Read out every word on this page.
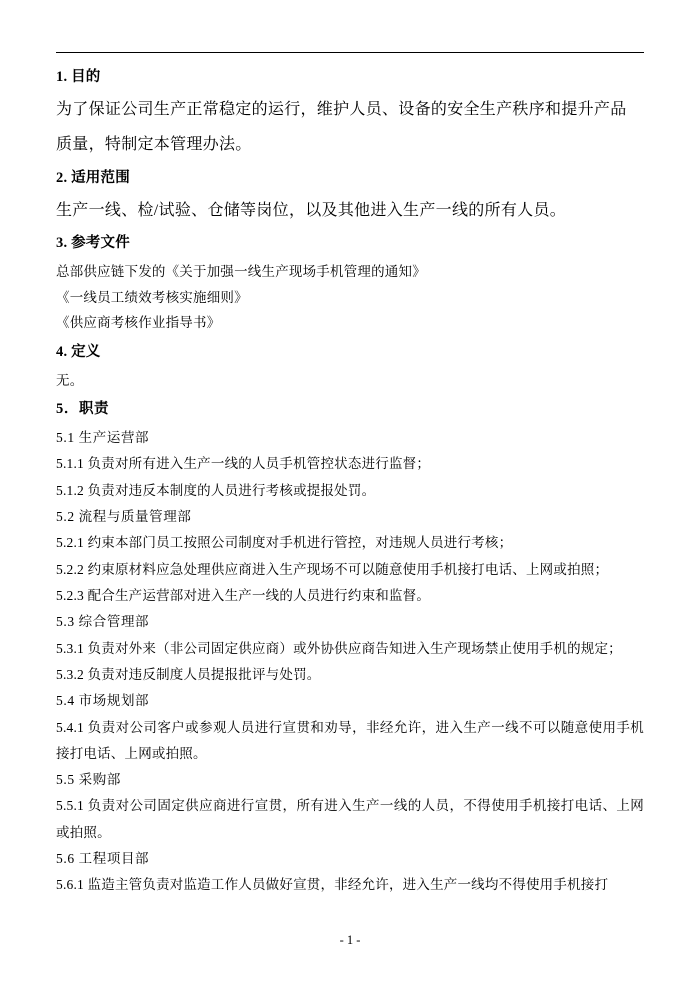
1. 目的
为了保证公司生产正常稳定的运行，维护人员、设备的安全生产秩序和提升产品
质量，特制定本管理办法。
2. 适用范围
生产一线、检/试验、仓储等岗位，以及其他进入生产一线的所有人员。
3. 参考文件
总部供应链下发的《关于加强一线生产现场手机管理的通知》
《一线员工绩效考核实施细则》
《供应商考核作业指导书》
4. 定义
无。
5．职责
5.1 生产运营部
5.1.1 负责对所有进入生产一线的人员手机管控状态进行监督；
5.1.2 负责对违反本制度的人员进行考核或提报处罚。
5.2 流程与质量管理部
5.2.1 约束本部门员工按照公司制度对手机进行管控，对违规人员进行考核；
5.2.2 约束原材料应急处理供应商进入生产现场不可以随意使用手机接打电话、上网或拍照；
5.2.3 配合生产运营部对进入生产一线的人员进行约束和监督。
5.3 综合管理部
5.3.1 负责对外来（非公司固定供应商）或外协供应商告知进入生产现场禁止使用手机的规定；
5.3.2 负责对违反制度人员提报批评与处罚。
5.4 市场规划部
5.4.1 负责对公司客户或参观人员进行宣贯和劝导，非经允许，进入生产一线不可以随意使用手机接打电话、上网或拍照。
5.5 采购部
5.5.1 负责对公司固定供应商进行宣贯，所有进入生产一线的人员，不得使用手机接打电话、上网或拍照。
5.6 工程项目部
5.6.1 监造主管负责对监造工作人员做好宣贯，非经允许，进入生产一线均不得使用手机接打
- 1 -
